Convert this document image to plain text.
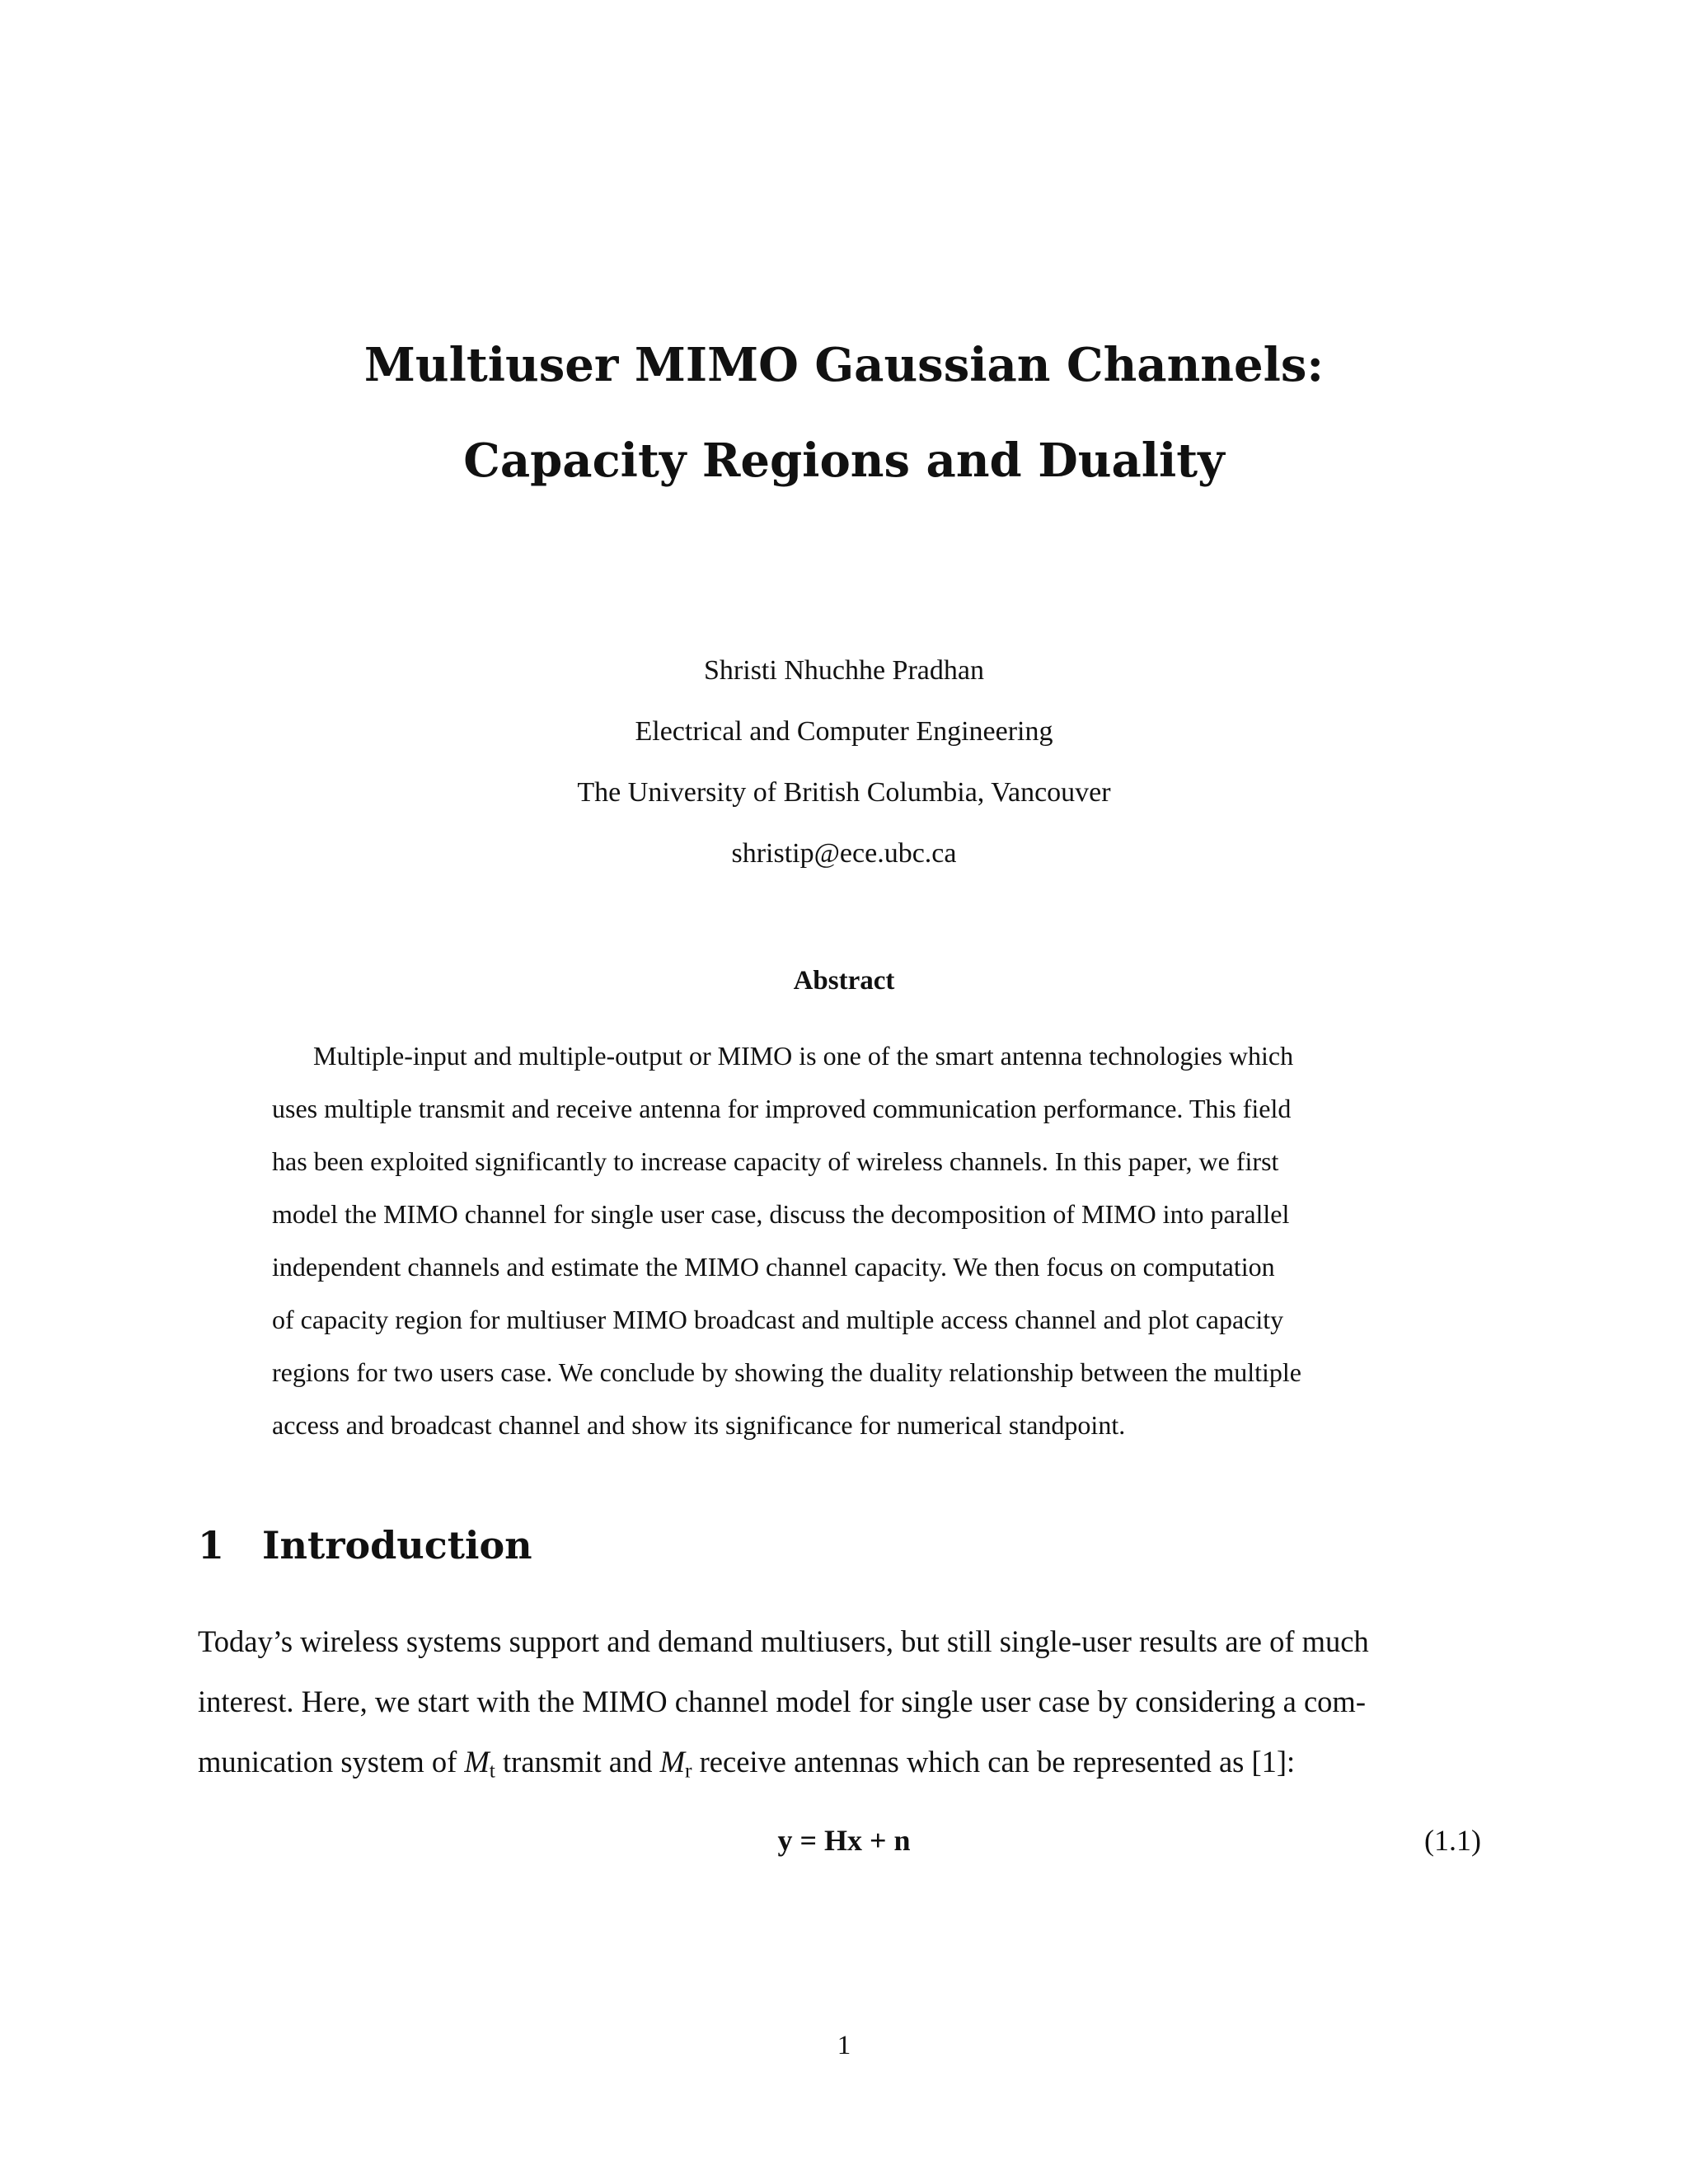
Multiuser MIMO Gaussian Channels:
Capacity Regions and Duality
Shristi Nhuchhe Pradhan
Electrical and Computer Engineering
The University of British Columbia, Vancouver
shristip@ece.ubc.ca
Abstract
Multiple-input and multiple-output or MIMO is one of the smart antenna technologies which
uses multiple transmit and receive antenna for improved communication performance. This field
has been exploited significantly to increase capacity of wireless channels. In this paper, we first
model the MIMO channel for single user case, discuss the decomposition of MIMO into parallel
independent channels and estimate the MIMO channel capacity. We then focus on computation
of capacity region for multiuser MIMO broadcast and multiple access channel and plot capacity
regions for two users case. We conclude by showing the duality relationship between the multiple
access and broadcast channel and show its significance for numerical standpoint.
1 Introduction
Today’s wireless systems support and demand multiusers, but still single-user results are of much
interest. Here, we start with the MIMO channel model for single user case by considering a com-
munication system of $M_t$ transmit and $M_r$ receive antennas which can be represented as [1]:
y = Hx + n	(1.1)
1
